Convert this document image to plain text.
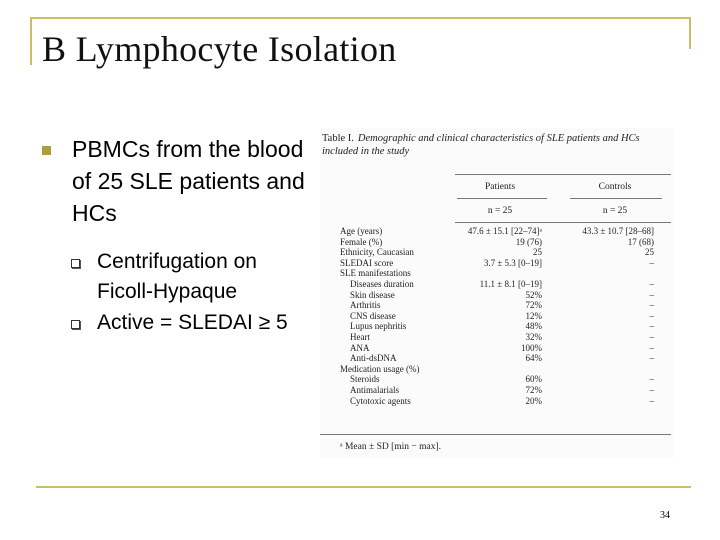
B Lymphocyte Isolation
PBMCs from the blood of 25 SLE patients and HCs
Centrifugation on Ficoll-Hypaque
Active = SLEDAI ≥ 5
Table I. Demographic and clinical characteristics of SLE patients and HCs included in the study
Patients	Controls
n = 25	n = 25
Age (years)	47.6 ± 15.1 [22–74]ᵃ	43.3 ± 10.7 [28–68]
Female (%)	19 (76)	17 (68)
Ethnicity, Caucasian	25	25
SLEDAI score	3.7 ± 5.3 [0–19]	–
SLE manifestations
Diseases duration	11.1 ± 8.1 [0–19]	–
Skin disease	52%	–
Arthritis	72%	–
CNS disease	12%	–
Lupus nephritis	48%	–
Heart	32%	–
ANA	100%	–
Anti-dsDNA	64%	–
Medication usage (%)
Steroids	60%	–
Antimalarials	72%	–
Cytotoxic agents	20%	–
ᵃ Mean ± SD [min − max].
34
